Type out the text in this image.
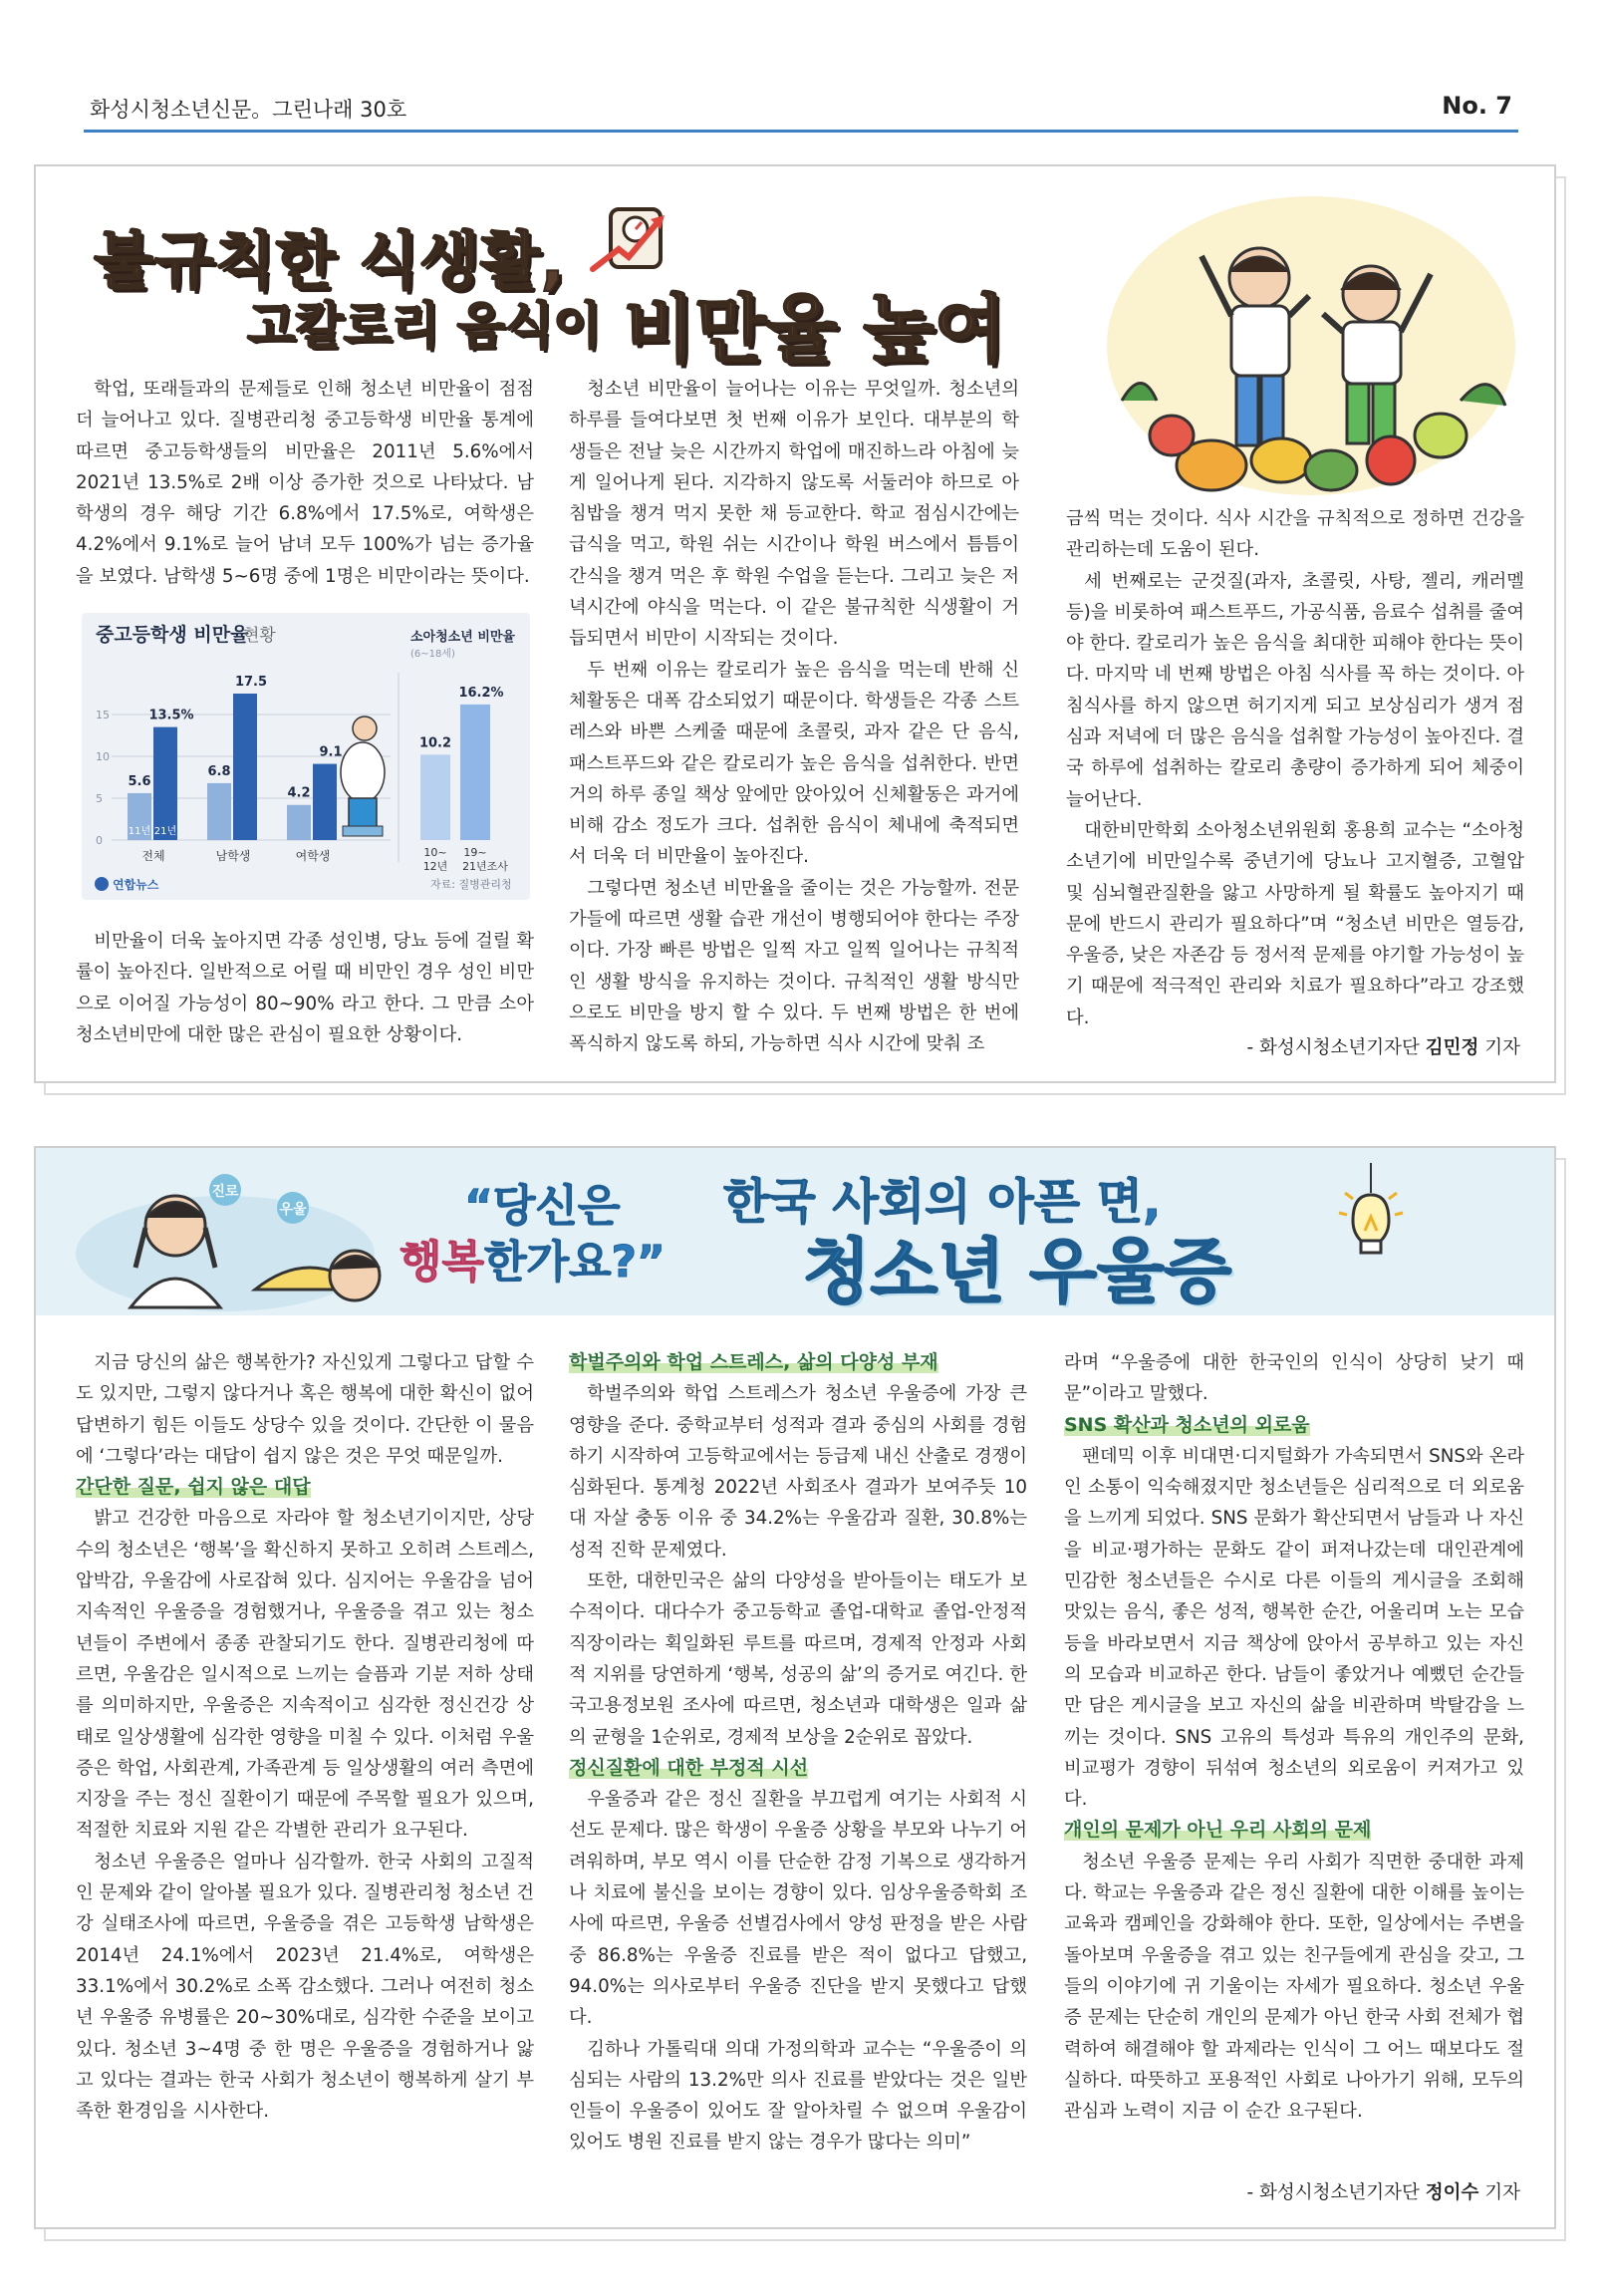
화성시청소년신문。그린나래 30호	No. 7
불규칙한 식생활,
고칼로리 음식이 비만율 높여

학업, 또래들과의 문제들로 인해 청소년 비만율이 점점 더 늘어나고 있다. 질병관리청 중고등학생 비만율 통계에 따르면 중고등학생들의 비만율은 2011년 5.6%에서 2021년 13.5%로 2배 이상 증가한 것으로 나타났다. 남학생의 경우 해당 기간 6.8%에서 17.5%로, 여학생은 4.2%에서 9.1%로 늘어 남녀 모두 100%가 넘는 증가율을 보였다. 남학생 5~6명 중에 1명은 비만이라는 뜻이다.

중고등학생 비만율
현황
0
5
10
15
5.6
11년
13.5%
21년
전체
6.8
17.5
남학생
4.2
9.1
여학생
소아청소년 비만율
(6~18세)
10.2
10~
12년
16.2%
19~
21년조사
자료: 질병관리청
연합뉴스

비만율이 더욱 높아지면 각종 성인병, 당뇨 등에 걸릴 확률이 높아진다. 일반적으로 어릴 때 비만인 경우 성인 비만으로 이어질 가능성이 80~90% 라고 한다. 그 만큼 소아청소년비만에 대한 많은 관심이 필요한 상황이다.

청소년 비만율이 늘어나는 이유는 무엇일까. 청소년의 하루를 들여다보면 첫 번째 이유가 보인다. 대부분의 학생들은 전날 늦은 시간까지 학업에 매진하느라 아침에 늦게 일어나게 된다. 지각하지 않도록 서둘러야 하므로 아침밥을 챙겨 먹지 못한 채 등교한다. 학교 점심시간에는 급식을 먹고, 학원 쉬는 시간이나 학원 버스에서 틈틈이 간식을 챙겨 먹은 후 학원 수업을 듣는다. 그리고 늦은 저녁시간에 야식을 먹는다. 이 같은 불규칙한 식생활이 거듭되면서 비만이 시작되는 것이다.

두 번째 이유는 칼로리가 높은 음식을 먹는데 반해 신체활동은 대폭 감소되었기 때문이다. 학생들은 각종 스트레스와 바쁜 스케줄 때문에 초콜릿, 과자 같은 단 음식, 패스트푸드와 같은 칼로리가 높은 음식을 섭취한다. 반면 거의 하루 종일 책상 앞에만 앉아있어 신체활동은 과거에 비해 감소 정도가 크다. 섭취한 음식이 체내에 축적되면서 더욱 더 비만율이 높아진다.

그렇다면 청소년 비만율을 줄이는 것은 가능할까. 전문가들에 따르면 생활 습관 개선이 병행되어야 한다는 주장이다. 가장 빠른 방법은 일찍 자고 일찍 일어나는 규칙적인 생활 방식을 유지하는 것이다. 규칙적인 생활 방식만으로도 비만을 방지 할 수 있다. 두 번째 방법은 한 번에 폭식하지 않도록 하되, 가능하면 식사 시간에 맞춰 조

금씩 먹는 것이다. 식사 시간을 규칙적으로 정하면 건강을 관리하는데 도움이 된다.

세 번째로는 군것질(과자, 초콜릿, 사탕, 젤리, 캐러멜 등)을 비롯하여 패스트푸드, 가공식품, 음료수 섭취를 줄여야 한다. 칼로리가 높은 음식을 최대한 피해야 한다는 뜻이다. 마지막 네 번째 방법은 아침 식사를 꼭 하는 것이다. 아침식사를 하지 않으면 허기지게 되고 보상심리가 생겨 점심과 저녁에 더 많은 음식을 섭취할 가능성이 높아진다. 결국 하루에 섭취하는 칼로리 총량이 증가하게 되어 체중이 늘어난다.

대한비만학회 소아청소년위원회 홍용희 교수는 “소아청소년기에 비만일수록 중년기에 당뇨나 고지혈증, 고혈압 및 심뇌혈관질환을 앓고 사망하게 될 확률도 높아지기 때문에 반드시 관리가 필요하다”며 “청소년 비만은 열등감, 우울증, 낮은 자존감 등 정서적 문제를 야기할 가능성이 높기 때문에 적극적인 관리와 치료가 필요하다”라고 강조했다.

- 화성시청소년기자단 김민정 기자
진로
우울	“당신은
행복한가요?”
한국 사회의 아픈 면,
청소년 우울증

지금 당신의 삶은 행복한가? 자신있게 그렇다고 답할 수도 있지만, 그렇지 않다거나 혹은 행복에 대한 확신이 없어 답변하기 힘든 이들도 상당수 있을 것이다. 간단한 이 물음에 ‘그렇다’라는 대답이 쉽지 않은 것은 무엇 때문일까.

간단한 질문, 쉽지 않은 대답

밝고 건강한 마음으로 자라야 할 청소년기이지만, 상당수의 청소년은 ‘행복’을 확신하지 못하고 오히려 스트레스, 압박감, 우울감에 사로잡혀 있다. 심지어는 우울감을 넘어 지속적인 우울증을 경험했거나, 우울증을 겪고 있는 청소년들이 주변에서 종종 관찰되기도 한다. 질병관리청에 따르면, 우울감은 일시적으로 느끼는 슬픔과 기분 저하 상태를 의미하지만, 우울증은 지속적이고 심각한 정신건강 상태로 일상생활에 심각한 영향을 미칠 수 있다. 이처럼 우울증은 학업, 사회관계, 가족관계 등 일상생활의 여러 측면에 지장을 주는 정신 질환이기 때문에 주목할 필요가 있으며, 적절한 치료와 지원 같은 각별한 관리가 요구된다.

청소년 우울증은 얼마나 심각할까. 한국 사회의 고질적인 문제와 같이 알아볼 필요가 있다. 질병관리청 청소년 건강 실태조사에 따르면, 우울증을 겪은 고등학생 남학생은 2014년 24.1%에서 2023년 21.4%로, 여학생은 33.1%에서 30.2%로 소폭 감소했다. 그러나 여전히 청소년 우울증 유병률은 20~30%대로, 심각한 수준을 보이고 있다. 청소년 3~4명 중 한 명은 우울증을 경험하거나 앓고 있다는 결과는 한국 사회가 청소년이 행복하게 살기 부족한 환경임을 시사한다.

학벌주의와 학업 스트레스, 삶의 다양성 부재

학벌주의와 학업 스트레스가 청소년 우울증에 가장 큰 영향을 준다. 중학교부터 성적과 결과 중심의 사회를 경험하기 시작하여 고등학교에서는 등급제 내신 산출로 경쟁이 심화된다. 통계청 2022년 사회조사 결과가 보여주듯 10대 자살 충동 이유 중 34.2%는 우울감과 질환, 30.8%는 성적 진학 문제였다.

또한, 대한민국은 삶의 다양성을 받아들이는 태도가 보수적이다. 대다수가 중고등학교 졸업-대학교 졸업-안정적 직장이라는 획일화된 루트를 따르며, 경제적 안정과 사회적 지위를 당연하게 ‘행복, 성공의 삶’의 증거로 여긴다. 한국고용정보원 조사에 따르면, 청소년과 대학생은 일과 삶의 균형을 1순위로, 경제적 보상을 2순위로 꼽았다.

정신질환에 대한 부정적 시선

우울증과 같은 정신 질환을 부끄럽게 여기는 사회적 시선도 문제다. 많은 학생이 우울증 상황을 부모와 나누기 어려워하며, 부모 역시 이를 단순한 감정 기복으로 생각하거나 치료에 불신을 보이는 경향이 있다. 임상우울증학회 조사에 따르면, 우울증 선별검사에서 양성 판정을 받은 사람 중 86.8%는 우울증 진료를 받은 적이 없다고 답했고, 94.0%는 의사로부터 우울증 진단을 받지 못했다고 답했다.

김하나 가톨릭대 의대 가정의학과 교수는 “우울증이 의심되는 사람의 13.2%만 의사 진료를 받았다는 것은 일반인들이 우울증이 있어도 잘 알아차릴 수 없으며 우울감이 있어도 병원 진료를 받지 않는 경우가 많다는 의미”

라며 “우울증에 대한 한국인의 인식이 상당히 낮기 때문”이라고 말했다.

SNS 확산과 청소년의 외로움

팬데믹 이후 비대면·디지털화가 가속되면서 SNS와 온라인 소통이 익숙해졌지만 청소년들은 심리적으로 더 외로움을 느끼게 되었다. SNS 문화가 확산되면서 남들과 나 자신을 비교·평가하는 문화도 같이 퍼져나갔는데 대인관계에 민감한 청소년들은 수시로 다른 이들의 게시글을 조회해 맛있는 음식, 좋은 성적, 행복한 순간, 어울리며 노는 모습 등을 바라보면서 지금 책상에 앉아서 공부하고 있는 자신의 모습과 비교하곤 한다. 남들이 좋았거나 예뻤던 순간들만 담은 게시글을 보고 자신의 삶을 비관하며 박탈감을 느끼는 것이다. SNS 고유의 특성과 특유의 개인주의 문화, 비교평가 경향이 뒤섞여 청소년의 외로움이 커져가고 있다.

개인의 문제가 아닌 우리 사회의 문제

청소년 우울증 문제는 우리 사회가 직면한 중대한 과제다. 학교는 우울증과 같은 정신 질환에 대한 이해를 높이는 교육과 캠페인을 강화해야 한다. 또한, 일상에서는 주변을 돌아보며 우울증을 겪고 있는 친구들에게 관심을 갖고, 그들의 이야기에 귀 기울이는 자세가 필요하다. 청소년 우울증 문제는 단순히 개인의 문제가 아닌 한국 사회 전체가 협력하여 해결해야 할 과제라는 인식이 그 어느 때보다도 절실하다. 따뜻하고 포용적인 사회로 나아가기 위해, 모두의 관심과 노력이 지금 이 순간 요구된다.

- 화성시청소년기자단 정이수 기자
